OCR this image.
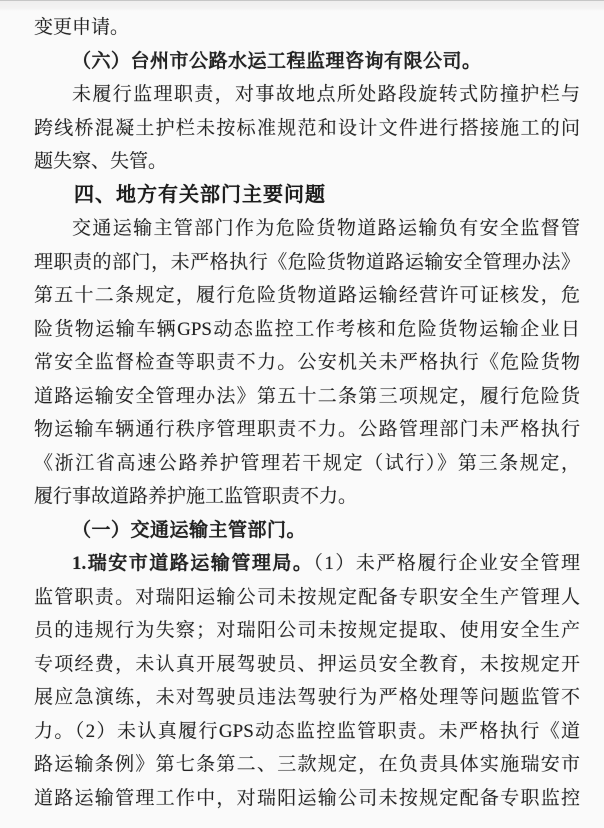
变更申请。
（六）台州市公路水运工程监理咨询有限公司。
未履行监理职责，对事故地点所处路段旋转式防撞护栏与
跨线桥混凝土护栏未按标准规范和设计文件进行搭接施工的问
题失察、失管。
四、地方有关部门主要问题
交通运输主管部门作为危险货物道路运输负有安全监督管
理职责的部门，未严格执行《危险货物道路运输安全管理办法》
第五十二条规定，履行危险货物道路运输经营许可证核发，危
险货物运输车辆GPS动态监控工作考核和危险货物运输企业日
常安全监督检查等职责不力。公安机关未严格执行《危险货物
道路运输安全管理办法》第五十二条第三项规定，履行危险货
物运输车辆通行秩序管理职责不力。公路管理部门未严格执行
《浙江省高速公路养护管理若干规定（试行）》第三条规定，
履行事故道路养护施工监管职责不力。
（一）交通运输主管部门。
1.瑞安市道路运输管理局。（1）未严格履行企业安全管理
监管职责。对瑞阳运输公司未按规定配备专职安全生产管理人
员的违规行为失察；对瑞阳公司未按规定提取、使用安全生产
专项经费，未认真开展驾驶员、押运员安全教育，未按规定开
展应急演练，未对驾驶员违法驾驶行为严格处理等问题监管不
力。（2）未认真履行GPS动态监控监管职责。未严格执行《道
路运输条例》第七条第二、三款规定，在负责具体实施瑞安市
道路运输管理工作中，对瑞阳运输公司未按规定配备专职监控
